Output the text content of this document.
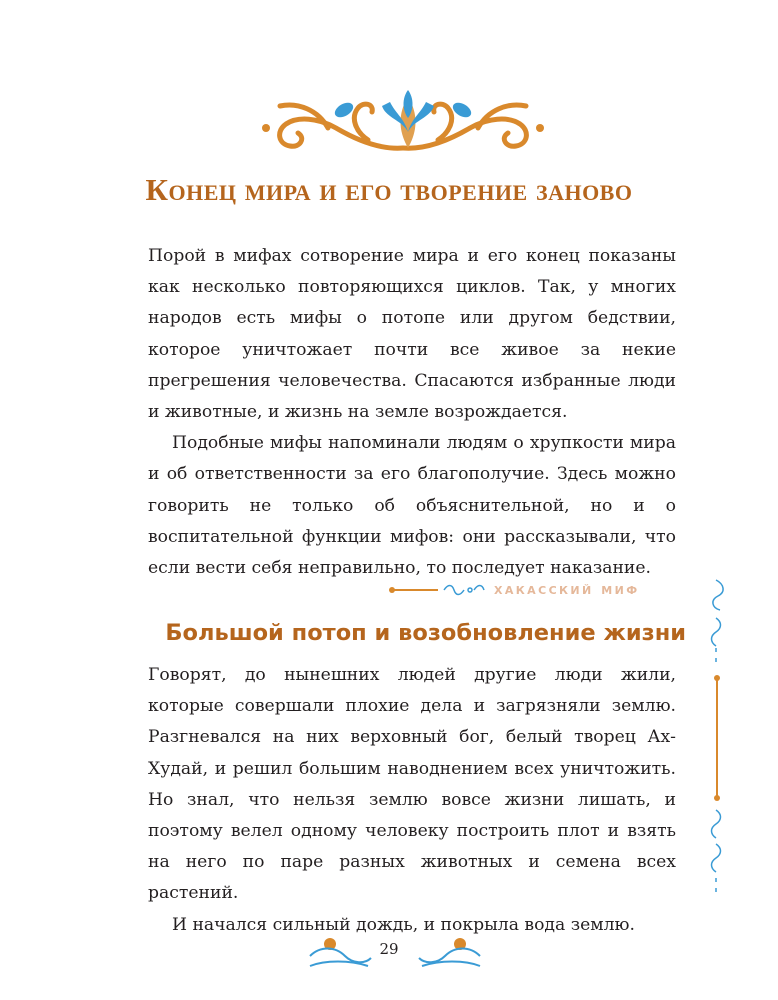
Конец мира и его творение заново

Порой в мифах сотворение мира и его конец показаны как несколько повторяющихся циклов. Так, у многих народов есть мифы о потопе или другом бедствии, которое уничтожает почти все живое за некие прегрешения человечества. Спасаются избранные люди и животные, и жизнь на земле возрождается.

Подобные мифы напоминали людям о хрупкости мира и об ответственности за его благополучие. Здесь можно говорить не только об объяснительной, но и о воспитательной функции мифов: они рассказывали, что если вести себя неправильно, то последует наказание.

хакасский миф
Большой потоп и возобновление жизни

Говорят, до нынешних людей другие люди жили, которые совершали плохие дела и загрязняли землю. Разгневался на них верховный бог, белый творец Ах-Худай, и решил большим наводнением всех уничтожить. Но знал, что нельзя землю вовсе жизни лишать, и поэтому велел одному человеку построить плот и взять на него по паре разных животных и семена всех растений.

И начался сильный дождь, и покрыла вода землю.

29
